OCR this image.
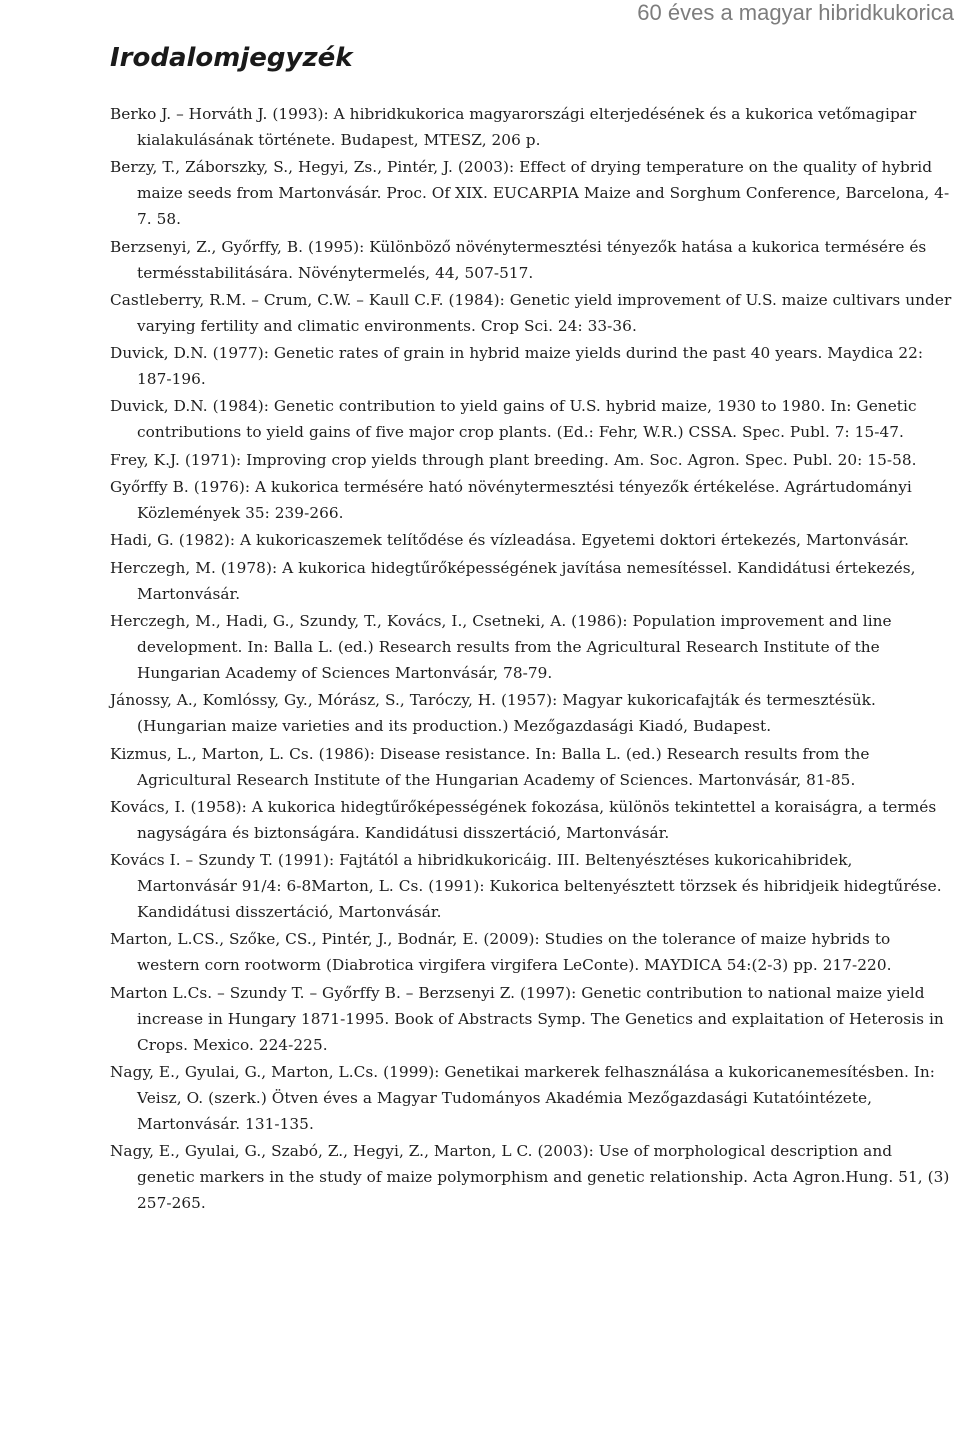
60 éves a magyar hibridkukorica
Irodalomjegyzék
14
Berko J. – Horváth J. (1993): A hibridkukorica magyarországi elterjedésének és a kukorica vetőmagipar kialakulásának története. Budapest, MTESZ, 206 p.
Berzy, T., Záborszky, S., Hegyi, Zs., Pintér, J. (2003): Effect of drying temperature on the quality of hybrid maize seeds from Martonvásár. Proc. Of XIX. EUCARPIA Maize and Sorghum Conference, Barcelona, 4-7. 58.
Berzsenyi, Z., Győrffy, B. (1995): Különböző növénytermesztési tényezők hatása a kukorica termésére és termésstabilitására. Növénytermelés, 44, 507-517.
Castleberry, R.M. – Crum, C.W. – Kaull C.F. (1984): Genetic yield improvement of U.S. maize cultivars under varying fertility and climatic environments. Crop Sci. 24: 33-36.
Duvick, D.N. (1977): Genetic rates of grain in hybrid maize yields durind the past 40 years. Maydica 22: 187-196.
Duvick, D.N. (1984): Genetic contribution to yield gains of U.S. hybrid maize, 1930 to 1980. In: Genetic contributions to yield gains of five major crop plants. (Ed.: Fehr, W.R.) CSSA. Spec. Publ. 7: 15-47.
Frey, K.J. (1971): Improving crop yields through plant breeding. Am. Soc. Agron. Spec. Publ. 20: 15-58.
Győrffy B. (1976): A kukorica termésére ható növénytermesztési tényezők értékelése. Agrártudományi Közlemények 35: 239-266.
Hadi, G. (1982): A kukoricaszemek telítődése és vízleadása. Egyetemi doktori értekezés, Martonvásár.
Herczegh, M. (1978): A kukorica hidegtűrőképességének javítása nemesítéssel. Kandidátusi értekezés, Martonvásár.
Herczegh, M., Hadi, G., Szundy, T., Kovács, I., Csetneki, A. (1986): Population improvement and line development. In: Balla L. (ed.) Research results from the Agricultural Research Institute of the Hungarian Academy of Sciences Martonvásár, 78-79.
Jánossy, A., Komlóssy, Gy., Mórász, S., Taróczy, H. (1957): Magyar kukoricafajták és termesztésük. (Hungarian maize varieties and its production.) Mezőgazdasági Kiadó, Budapest.
Kizmus, L., Marton, L. Cs. (1986): Disease resistance. In: Balla L. (ed.) Research results from the Agricultural Research Institute of the Hungarian Academy of Sciences. Martonvásár, 81-85.
Kovács, I. (1958): A kukorica hidegtűrőképességének fokozása, különös tekintettel a koraiságra, a termés nagyságára és biztonságára. Kandidátusi disszertáció, Martonvásár.
Kovács I. – Szundy T. (1991): Fajtától a hibridkukoricáig. III. Beltenyésztéses kukoricahibridek, Martonvásár 91/4: 6-8Marton, L. Cs. (1991): Kukorica beltenyésztett törzsek és hibridjeik hidegtűrése. Kandidátusi disszertáció, Martonvásár.
Marton, L.CS., Szőke, CS., Pintér, J., Bodnár, E. (2009): Studies on the tolerance of maize hybrids to western corn rootworm (Diabrotica virgifera virgifera LeConte). MAYDICA 54:(2-3) pp. 217-220.
Marton L.Cs. – Szundy T. – Győrffy B. – Berzsenyi Z. (1997): Genetic contribution to national maize yield increase in Hungary 1871-1995. Book of Abstracts Symp. The Genetics and explaitation of Heterosis in Crops. Mexico. 224-225.
Nagy, E., Gyulai, G., Marton, L.Cs. (1999): Genetikai markerek felhasználása a kukoricanemesítésben. In: Veisz, O. (szerk.) Ötven éves a Magyar Tudományos Akadémia Mezőgazdasági Kutatóintézete, Martonvásár. 131-135.
Nagy, E., Gyulai, G., Szabó, Z., Hegyi, Z., Marton, L C. (2003): Use of morphological description and genetic markers in the study of maize polymorphism and genetic relationship. Acta Agron.Hung. 51, (3) 257-265.
